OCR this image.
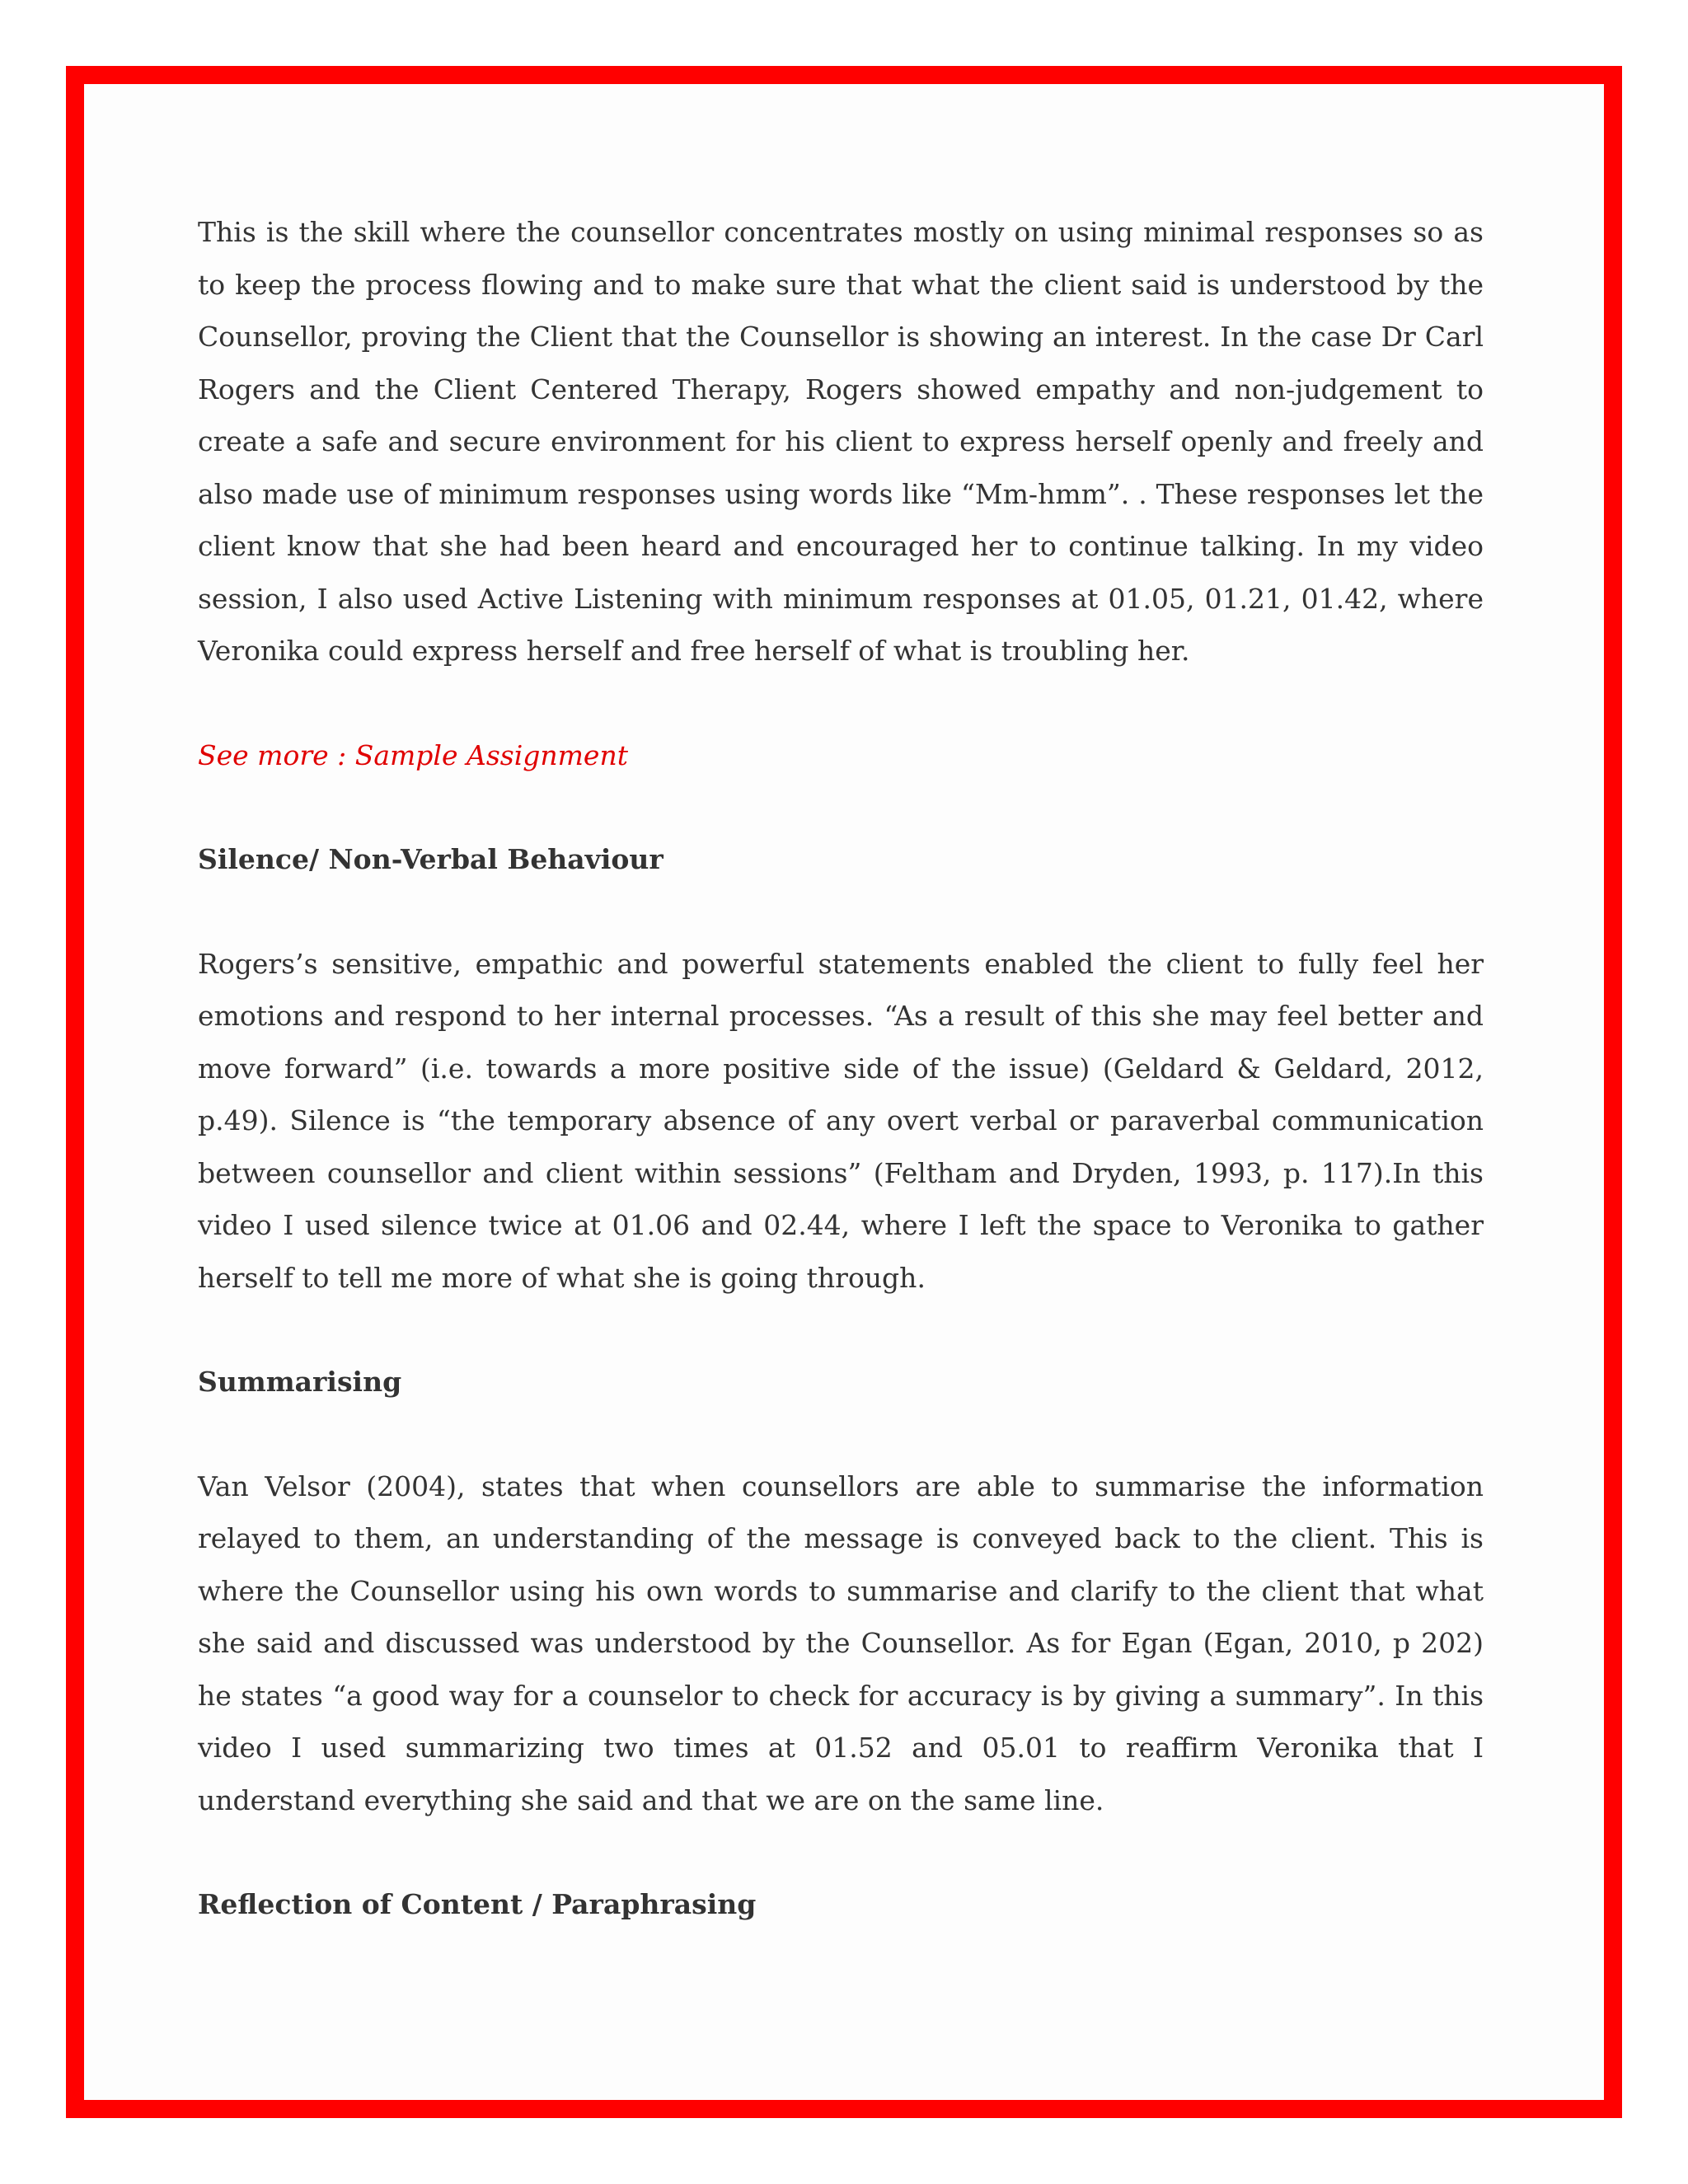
This is the skill where the counsellor concentrates mostly on using minimal responses so as to keep the process flowing and to make sure that what the client said is understood by the Counsellor, proving the Client that the Counsellor is showing an interest. In the case Dr Carl Rogers and the Client Centered Therapy, Rogers showed empathy and non-judgement to create a safe and secure environment for his client to express herself openly and freely and also made use of minimum responses using words like “Mm-hmm”. . These responses let the client know that she had been heard and encouraged her to continue talking. In my video session, I also used Active Listening with minimum responses at 01.05, 01.21, 01.42, where Veronika could express herself and free herself of what is troubling her.

See more : Sample Assignment

Silence/ Non-Verbal Behaviour

Rogers’s sensitive, empathic and powerful statements enabled the client to fully feel her emotions and respond to her internal processes. “As a result of this she may feel better and move forward” (i.e. towards a more positive side of the issue) (Geldard & Geldard, 2012, p.49). Silence is “the temporary absence of any overt verbal or paraverbal communication between counsellor and client within sessions” (Feltham and Dryden, 1993, p. 117).In this video I used silence twice at 01.06 and 02.44, where I left the space to Veronika to gather herself to tell me more of what she is going through.

Summarising

Van Velsor (2004), states that when counsellors are able to summarise the information relayed to them, an understanding of the message is conveyed back to the client. This is where the Counsellor using his own words to summarise and clarify to the client that what she said and discussed was understood by the Counsellor. As for Egan (Egan, 2010, p 202) he states “a good way for a counselor to check for accuracy is by giving a summary”. In this video I used summarizing two times at 01.52 and 05.01 to reaffirm Veronika that I understand everything she said and that we are on the same line.

Reflection of Content / Paraphrasing
